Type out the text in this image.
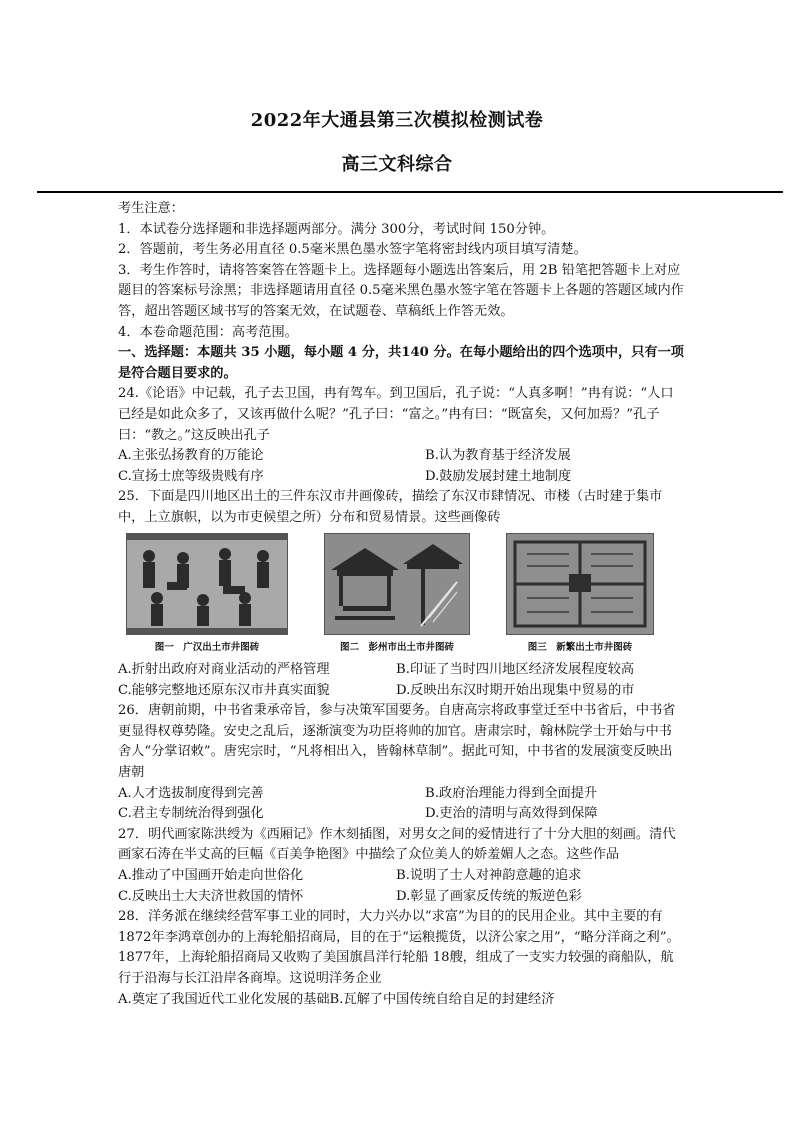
2022年大通县第三次模拟检测试卷
高三文科综合

考生注意：

1．本试卷分选择题和非选择题两部分。满分 300分，考试时间 150分钟。

2．答题前，考生务必用直径 0.5毫米黑色墨水签字笔将密封线内项目填写清楚。

3．考生作答时，请将答案答在答题卡上。选择题每小题选出答案后，用 2B 铅笔把答题卡上对应题目的答案标号涂黑；非选择题请用直径 0.5毫米黑色墨水签字笔在答题卡上各题的答题区域内作答，超出答题区域书写的答案无效，在试题卷、草稿纸上作答无效。

4．本卷命题范围：高考范围。

一、选择题：本题共 35 小题，每小题 4 分，共140 分。在每小题给出的四个选项中，只有一项是符合题目要求的。

24.《论语》中记载，孔子去卫国，冉有驾车。到卫国后，孔子说：“人真多啊！”冉有说：“人口已经是如此众多了，又该再做什么呢？”孔子曰：“富之。”冉有曰：“既富矣，又何加焉？”孔子曰：“教之。”这反映出孔子

A.主张弘扬教育的万能论	B.认为教育基于经济发展
C.宣扬士庶等级贵贱有序	D.鼓励发展封建土地制度

25．下面是四川地区出土的三件东汉市井画像砖，描绘了东汉市肆情况、市楼（古时建于集市中，上立旗帜，以为市吏候望之所）分布和贸易情景。这些画像砖

图一　广汉出土市井图砖	图二　彭州市出土市井图砖	图三　新繁出土市井图砖
A.折射出政府对商业活动的严格管理	B.印证了当时四川地区经济发展程度较高
C.能够完整地还原东汉市井真实面貌	D.反映出东汉时期开始出现集中贸易的市

26．唐朝前期，中书省秉承帝旨，参与决策军国要务。自唐高宗将政事堂迁至中书省后，中书省更显得权尊势隆。安史之乱后，逐渐演变为功臣将帅的加官。唐肃宗时，翰林院学士开始与中书舍人“分掌诏敕”。唐宪宗时，“凡将相出入，皆翰林草制”。据此可知，中书省的发展演变反映出唐朝

A.人才选拔制度得到完善	B.政府治理能力得到全面提升
C.君主专制统治得到强化	D.吏治的清明与高效得到保障

27．明代画家陈洪绶为《西厢记》作木刻插图，对男女之间的爱情进行了十分大胆的刻画。清代画家石涛在半丈高的巨幅《百美争艳图》中描绘了众位美人的娇羞媚人之态。这些作品

A.推动了中国画开始走向世俗化	B.说明了士人对神韵意趣的追求
C.反映出士大夫济世救国的情怀	D.彰显了画家反传统的叛逆色彩

28．洋务派在继续经营军事工业的同时，大力兴办以“求富”为目的的民用企业。其中主要的有 1872年李鸿章创办的上海轮船招商局，目的在于“运粮揽货，以济公家之用”，“略分洋商之利”。1877年，上海轮船招商局又收购了美国旗昌洋行轮船 18艘，组成了一支实力较强的商船队，航行于沿海与长江沿岸各商埠。这说明洋务企业

A.奠定了我国近代工业化发展的基础B.瓦解了中国传统自给自足的封建经济
